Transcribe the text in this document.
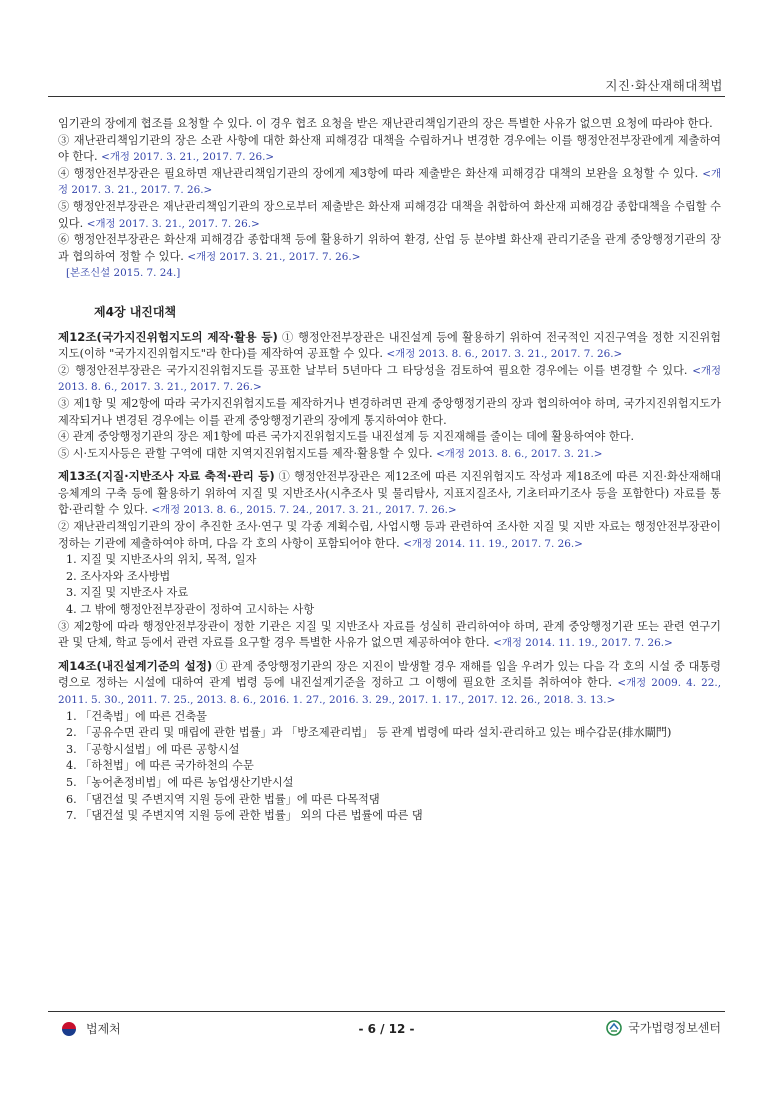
지진·화산재해대책법

임기관의 장에게 협조를 요청할 수 있다. 이 경우 협조 요청을 받은 재난관리책임기관의 장은 특별한 사유가 없으면 요청에 따라야 한다.

③ 재난관리책임기관의 장은 소관 사항에 대한 화산재 피해경감 대책을 수립하거나 변경한 경우에는 이를 행정안전부장관에게 제출하여야 한다. <개정 2017. 3. 21., 2017. 7. 26.>

④ 행정안전부장관은 필요하면 재난관리책임기관의 장에게 제3항에 따라 제출받은 화산재 피해경감 대책의 보완을 요청할 수 있다. <개정 2017. 3. 21., 2017. 7. 26.>

⑤ 행정안전부장관은 재난관리책임기관의 장으로부터 제출받은 화산재 피해경감 대책을 취합하여 화산재 피해경감 종합대책을 수립할 수 있다. <개정 2017. 3. 21., 2017. 7. 26.>

⑥ 행정안전부장관은 화산재 피해경감 종합대책 등에 활용하기 위하여 환경, 산업 등 분야별 화산재 관리기준을 관계 중앙행정기관의 장과 협의하여 정할 수 있다. <개정 2017. 3. 21., 2017. 7. 26.>

[본조신설 2015. 7. 24.]

제4장 내진대책

제12조(국가지진위험지도의 제작·활용 등) ① 행정안전부장관은 내진설계 등에 활용하기 위하여 전국적인 지진구역을 정한 지진위험지도(이하 "국가지진위험지도"라 한다)를 제작하여 공표할 수 있다. <개정 2013. 8. 6., 2017. 3. 21., 2017. 7. 26.>

② 행정안전부장관은 국가지진위험지도를 공표한 날부터 5년마다 그 타당성을 검토하여 필요한 경우에는 이를 변경할 수 있다. <개정 2013. 8. 6., 2017. 3. 21., 2017. 7. 26.>

③ 제1항 및 제2항에 따라 국가지진위험지도를 제작하거나 변경하려면 관계 중앙행정기관의 장과 협의하여야 하며, 국가지진위험지도가 제작되거나 변경된 경우에는 이를 관계 중앙행정기관의 장에게 통지하여야 한다.

④ 관계 중앙행정기관의 장은 제1항에 따른 국가지진위험지도를 내진설계 등 지진재해를 줄이는 데에 활용하여야 한다.

⑤ 시·도지사등은 관할 구역에 대한 지역지진위험지도를 제작·활용할 수 있다. <개정 2013. 8. 6., 2017. 3. 21.>

제13조(지질·지반조사 자료 축적·관리 등) ① 행정안전부장관은 제12조에 따른 지진위험지도 작성과 제18조에 따른 지진·화산재해대응체계의 구축 등에 활용하기 위하여 지질 및 지반조사(시추조사 및 물리탐사, 지표지질조사, 기초터파기조사 등을 포함한다) 자료를 통합·관리할 수 있다. <개정 2013. 8. 6., 2015. 7. 24., 2017. 3. 21., 2017. 7. 26.>

② 재난관리책임기관의 장이 추진한 조사·연구 및 각종 계획수립, 사업시행 등과 관련하여 조사한 지질 및 지반 자료는 행정안전부장관이 정하는 기관에 제출하여야 하며, 다음 각 호의 사항이 포함되어야 한다. <개정 2014. 11. 19., 2017. 7. 26.>

1. 지질 및 지반조사의 위치, 목적, 일자

2. 조사자와 조사방법

3. 지질 및 지반조사 자료

4. 그 밖에 행정안전부장관이 정하여 고시하는 사항

③ 제2항에 따라 행정안전부장관이 정한 기관은 지질 및 지반조사 자료를 성실히 관리하여야 하며, 관계 중앙행정기관 또는 관련 연구기관 및 단체, 학교 등에서 관련 자료를 요구할 경우 특별한 사유가 없으면 제공하여야 한다. <개정 2014. 11. 19., 2017. 7. 26.>

제14조(내진설계기준의 설정) ① 관계 중앙행정기관의 장은 지진이 발생할 경우 재해를 입을 우려가 있는 다음 각 호의 시설 중 대통령령으로 정하는 시설에 대하여 관계 법령 등에 내진설계기준을 정하고 그 이행에 필요한 조치를 취하여야 한다. <개정 2009. 4. 22., 2011. 5. 30., 2011. 7. 25., 2013. 8. 6., 2016. 1. 27., 2016. 3. 29., 2017. 1. 17., 2017. 12. 26., 2018. 3. 13.>

1. 「건축법」에 따른 건축물

2. 「공유수면 관리 및 매립에 관한 법률」과 「방조제관리법」 등 관계 법령에 따라 설치·관리하고 있는 배수갑문(排水閘門)

3. 「공항시설법」에 따른 공항시설

4. 「하천법」에 따른 국가하천의 수문

5. 「농어촌정비법」에 따른 농업생산기반시설

6. 「댐건설 및 주변지역 지원 등에 관한 법률」에 따른 다목적댐

7. 「댐건설 및 주변지역 지원 등에 관한 법률」 외의 다른 법률에 따른 댐

법제처	- 6 / 12 -	국가법령정보센터
